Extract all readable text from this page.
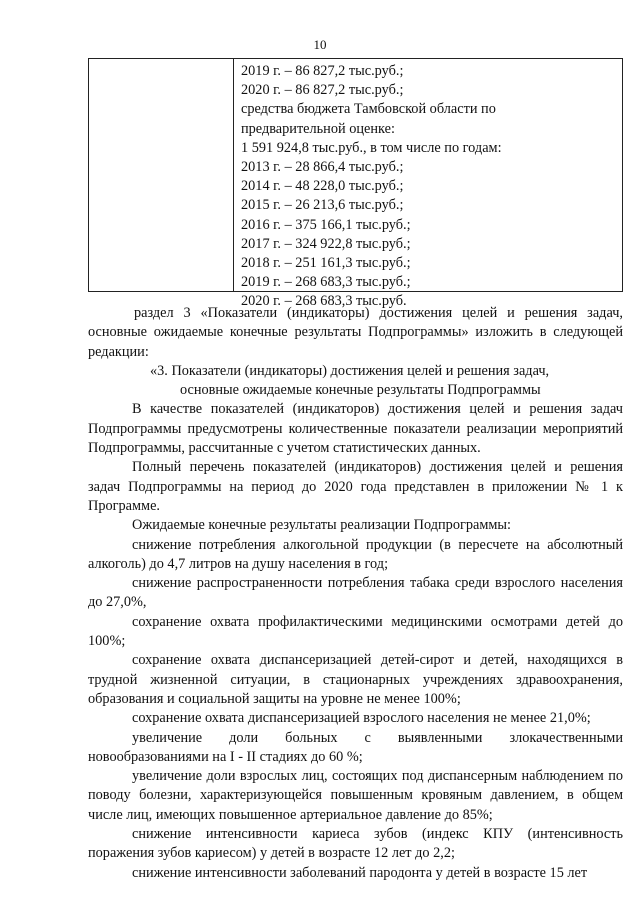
10
2019 г. – 86 827,2 тыс.руб.;
2020 г. – 86 827,2 тыс.руб.;
средства бюджета Тамбовской области по
предварительной оценке:
1 591 924,8 тыс.руб., в том числе по годам:
2013 г. – 28 866,4 тыс.руб.;
2014 г. – 48 228,0 тыс.руб.;
2015 г. – 26 213,6 тыс.руб.;
2016 г. – 375 166,1 тыс.руб.;
2017 г. – 324 922,8 тыс.руб.;
2018 г. – 251 161,3 тыс.руб.;
2019 г. – 268 683,3 тыс.руб.;
2020 г. – 268 683,3 тыс.руб.

раздел 3 «Показатели (индикаторы) достижения целей и решения задач, основные ожидаемые конечные результаты Подпрограммы» изложить в следующей редакции:

«3. Показатели (индикаторы) достижения целей и решения задач,

основные ожидаемые конечные результаты Подпрограммы

В качестве показателей (индикаторов) достижения целей и решения задач Подпрограммы предусмотрены количественные показатели реализации мероприятий Подпрограммы, рассчитанные с учетом статистических данных.

Полный перечень показателей (индикаторов) достижения целей и решения задач Подпрограммы на период до 2020 года представлен в приложении № 1 к Программе.

Ожидаемые конечные результаты реализации Подпрограммы:

снижение потребления алкогольной продукции (в пересчете на абсолютный алкоголь) до 4,7 литров на душу населения в год;

снижение распространенности потребления табака среди взрослого населения до 27,0%,

сохранение охвата профилактическими медицинскими осмотрами детей до 100%;

сохранение охвата диспансеризацией детей-сирот и детей, находящихся в трудной жизненной ситуации, в стационарных учреждениях здравоохранения, образования и социальной защиты на уровне не менее 100%;

сохранение охвата диспансеризацией взрослого населения не менее 21,0%;

увеличение доли больных с выявленными злокачественными новообразованиями на I - II стадиях до 60 %;

увеличение доли взрослых лиц, состоящих под диспансерным наблюдением по поводу болезни, характеризующейся повышенным кровяным давлением, в общем числе лиц, имеющих повышенное артериальное давление до 85%;

снижение интенсивности кариеса зубов (индекс КПУ (интенсивность поражения зубов кариесом) у детей в возрасте 12 лет до 2,2;

снижение интенсивности заболеваний пародонта у детей в возрасте 15 лет
